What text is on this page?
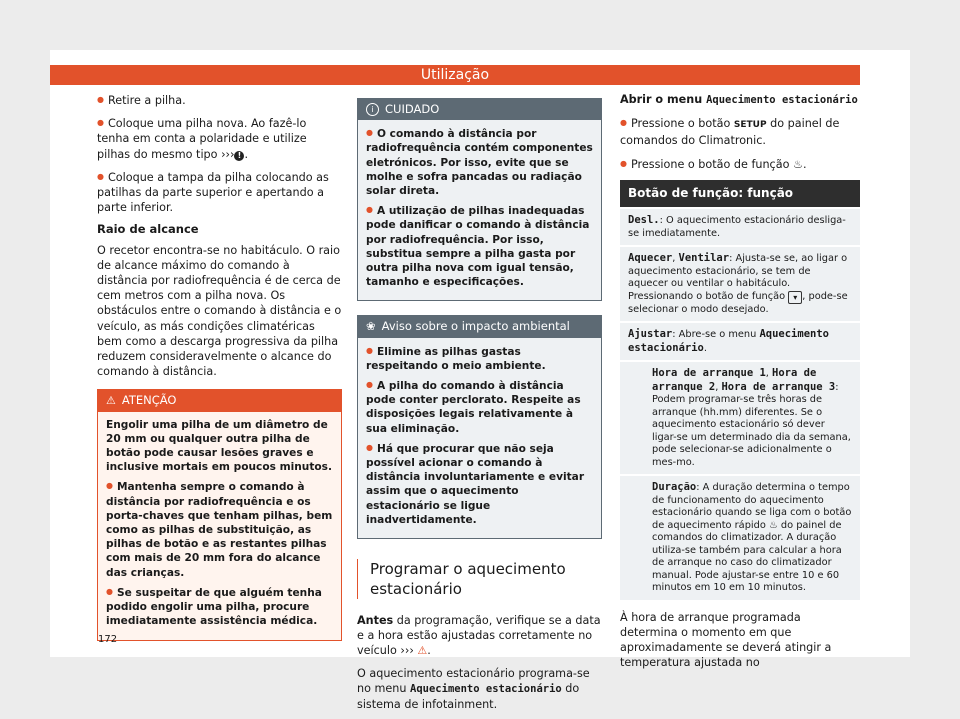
Utilização

● Retire a pilha.

● Coloque uma pilha nova. Ao fazê-lo tenha em conta a polaridade e utilize pilhas do mesmo tipo ››› ! .

● Coloque a tampa da pilha colocando as patilhas da parte superior e apertando a parte inferior.

Raio de alcance

O recetor encontra-se no habitáculo. O raio de alcance máximo do comando à distância por radiofrequência é de cerca de cem metros com a pilha nova. Os obstáculos entre o comando à distância e o veículo, as más condições climatéricas bem como a descarga progressiva da pilha reduzem consideravelmente o alcance do comando à distância.

⚠ ATENÇÃO

Engolir uma pilha de um diâmetro de 20 mm ou qualquer outra pilha de botão pode causar lesões graves e inclusive mortais em poucos minutos.

● Mantenha sempre o comando à distância por radiofrequência e os porta-chaves que tenham pilhas, bem como as pilhas de substituição, as pilhas de botão e as restantes pilhas com mais de 20 mm fora do alcance das crianças.

● Se suspeitar de que alguém tenha podido engolir uma pilha, procure imediatamente assistência médica.

i CUIDADO

● O comando à distância por radiofrequência contém componentes eletrónicos. Por isso, evite que se molhe e sofra pancadas ou radiação solar direta.

● A utilização de pilhas inadequadas pode danificar o comando à distância por radiofrequência. Por isso, substitua sempre a pilha gasta por outra pilha nova com igual tensão, tamanho e especificações.

❀ Aviso sobre o impacto ambiental

● Elimine as pilhas gastas respeitando o meio ambiente.

● A pilha do comando à distância pode conter perclorato. Respeite as disposições legais relativamente à sua eliminação.

● Há que procurar que não seja possível acionar o comando à distância involuntariamente e evitar assim que o aquecimento estacionário se ligue inadvertidamente.

Programar o aquecimento estacionário

Antes da programação, verifique se a data e a hora estão ajustadas corretamente no veículo ››› ⚠.

O aquecimento estacionário programa-se no menu Aquecimento estacionário do sistema de infotainment.

Abrir o menu Aquecimento estacionário

● Pressione o botão SETUP do painel de comandos do Climatronic.

● Pressione o botão de função ♨.

Botão de função: função
Desl.: O aquecimento estacionário desliga-se imediatamente.
Aquecer, Ventilar: Ajusta-se se, ao ligar o aquecimento estacionário, se tem de aquecer ou ventilar o habitáculo. Pressionando o botão de função ▾ , pode-se selecionar o modo desejado.
Ajustar: Abre-se o menu Aquecimento estacionário.
Hora de arranque 1, Hora de arranque 2, Hora de arranque 3: Podem programar-se três horas de arranque (hh.mm) diferentes. Se o aquecimento estacionário só dever ligar-se um determinado dia da semana, pode selecionar-se adicionalmente o mes-mo.
Duração: A duração determina o tempo de funcionamento do aquecimento estacionário quando se liga com o botão de aquecimento rápido ♨ do painel de comandos do climatizador. A duração utiliza-se também para calcular a hora de arranque no caso do climatizador manual. Pode ajustar-se entre 10 e 60 minutos em 10 em 10 minutos.

À hora de arranque programada determina o momento em que aproximadamente se deverá atingir a temperatura ajustada no

172
